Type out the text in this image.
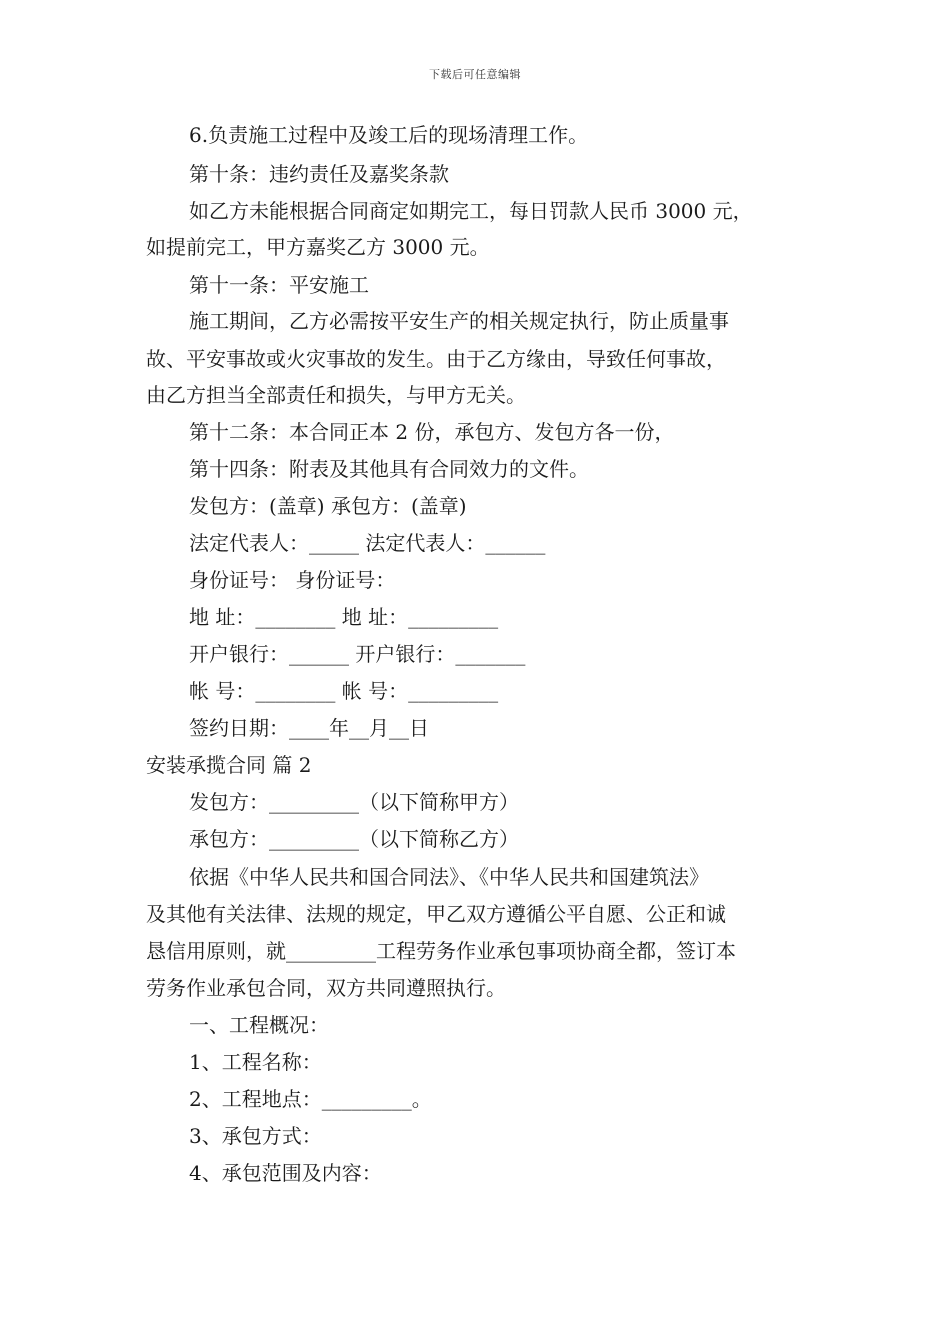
下载后可任意编辑
6.负责施工过程中及竣工后的现场清理工作。
第十条：违约责任及嘉奖条款
如乙方未能根据合同商定如期完工，每日罚款人民币 3000 元，
如提前完工，甲方嘉奖乙方 3000 元。
第十一条：平安施工
施工期间，乙方必需按平安生产的相关规定执行，防止质量事
故、平安事故或火灾事故的发生。由于乙方缘由，导致任何事故，
由乙方担当全部责任和损失，与甲方无关。
第十二条：本合同正本 2 份，承包方、发包方各一份，
第十四条：附表及其他具有合同效力的文件。
发包方：(盖章) 承包方：(盖章)
法定代表人：_____ 法定代表人：______
身份证号： 身份证号：
地 址：________ 地 址：_________
开户银行：______ 开户银行：_______
帐 号：________ 帐 号：_________
签约日期：____年__月__日
安装承揽合同 篇 2
发包方：_________（以下简称甲方）
承包方：_________（以下简称乙方）
依据《中华人民共和国合同法》、《中华人民共和国建筑法》
及其他有关法律、法规的规定，甲乙双方遵循公平自愿、公正和诚
恳信用原则，就_________工程劳务作业承包事项协商全都，签订本
劳务作业承包合同，双方共同遵照执行。
一、工程概况：
1、工程名称：
2、工程地点：_________。
3、承包方式：
4、承包范围及内容：
